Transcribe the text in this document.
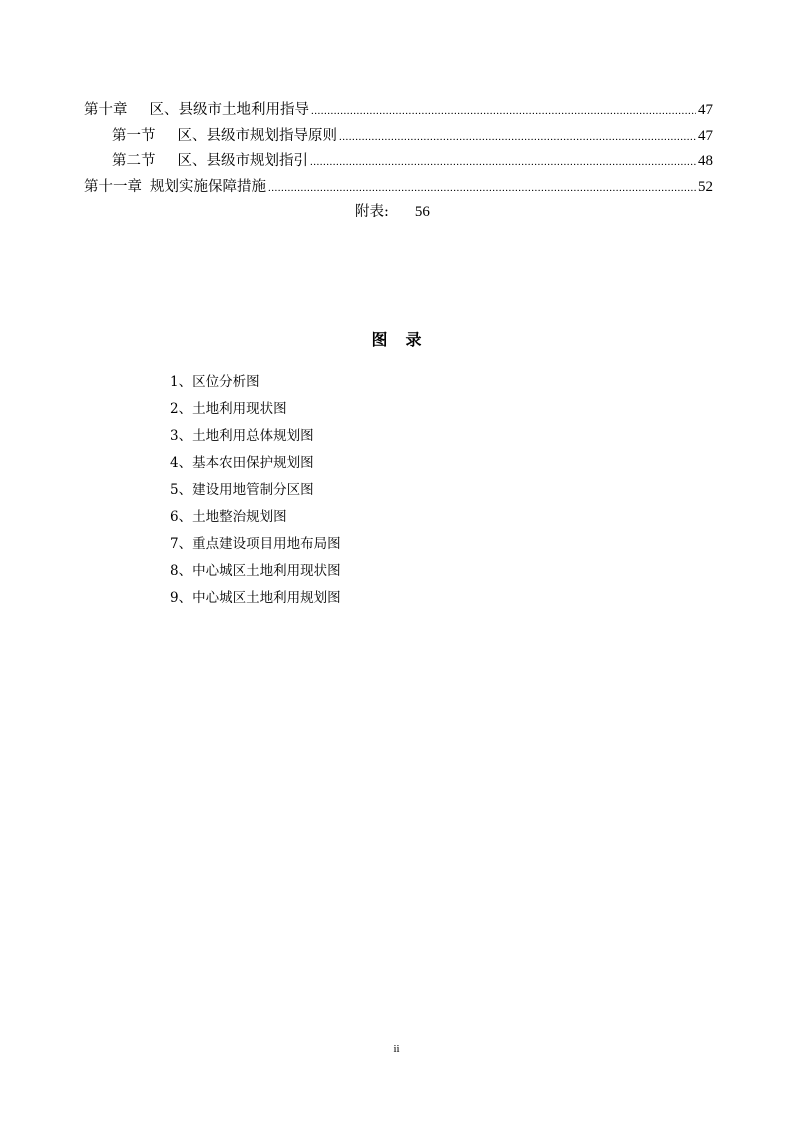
第十章 区、县级市土地利用指导 .....	47
第一节 区、县级市规划指导原则 .....	47
第二节 区、县级市规划指引 .....	48
第十一章 规划实施保障措施 .....	52
附表: 56
图录
1、区位分析图
2、土地利用现状图
3、土地利用总体规划图
4、基本农田保护规划图
5、建设用地管制分区图
6、土地整治规划图
7、重点建设项目用地布局图
8、中心城区土地利用现状图
9、中心城区土地利用规划图
ii
